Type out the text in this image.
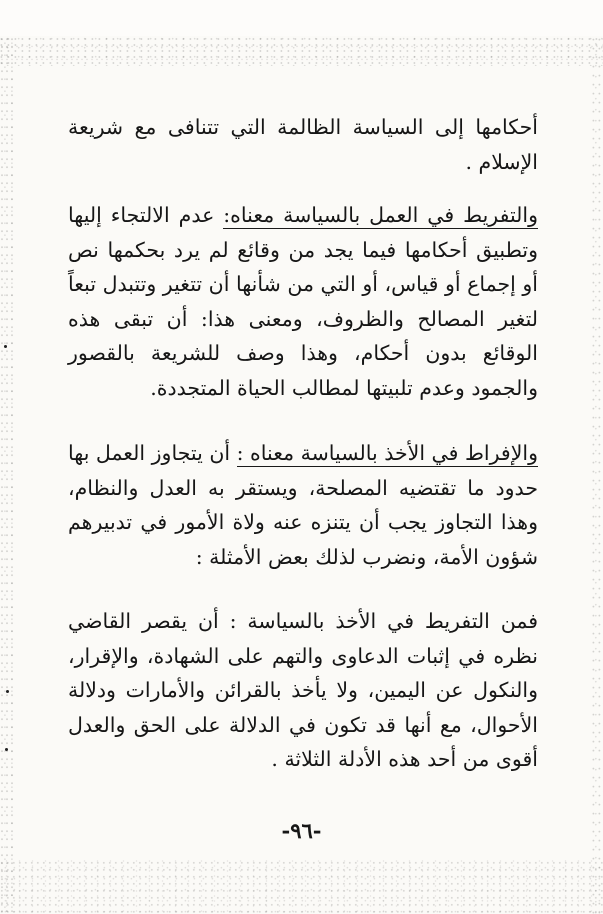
أحكامها إلى السياسة الظالمة التي تتنافى مع شريعة الإسلام .

والتفريط في العمل بالسياسة معناه: عدم الالتجاء إليها وتطبيق أحكامها فيما يجد من وقائع لم يرد بحكمها نص أو إجماع أو قياس، أو التي من شأنها أن تتغير وتتبدل تبعاً لتغير المصالح والظروف، ومعنى هذا: أن تبقى هذه الوقائع بدون أحكام، وهذا وصف للشريعة بالقصور والجمود وعدم تلبيتها لمطالب الحياة المتجددة.

والإفراط في الأخذ بالسياسة معناه : أن يتجاوز العمل بها حدود ما تقتضيه المصلحة، ويستقر به العدل والنظام، وهذا التجاوز يجب أن يتنزه عنه ولاة الأمور في تدبيرهم شؤون الأمة، ونضرب لذلك بعض الأمثلة :

فمن التفريط في الأخذ بالسياسة : أن يقصر القاضي نظره في إثبات الدعاوى والتهم على الشهادة، والإقرار، والنكول عن اليمين، ولا يأخذ بالقرائن والأمارات ودلالة الأحوال، مع أنها قد تكون في الدلالة على الحق والعدل أقوى من أحد هذه الأدلة الثلاثة .

-٩٦-
